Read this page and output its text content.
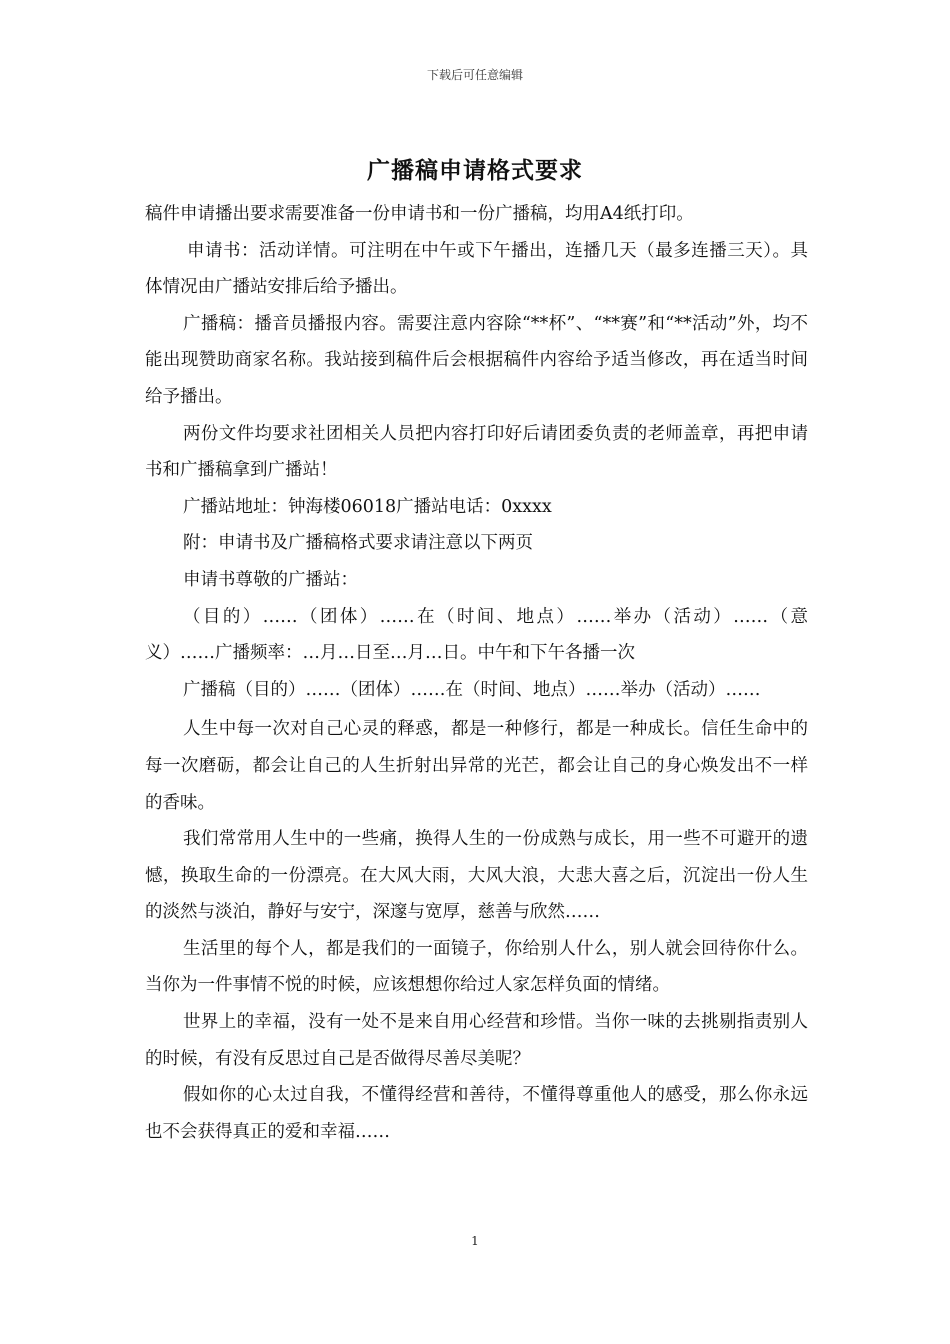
下载后可任意编辑
广播稿申请格式要求

稿件申请播出要求需要准备一份申请书和一份广播稿，均用A4纸打印。

申请书：活动详情。可注明在中午或下午播出，连播几天（最多连播三天）。具体情况由广播站安排后给予播出。

广播稿：播音员播报内容。需要注意内容除“**杯”、“**赛”和“**活动”外，均不能出现赞助商家名称。我站接到稿件后会根据稿件内容给予适当修改，再在适当时间给予播出。

两份文件均要求社团相关人员把内容打印好后请团委负责的老师盖章，再把申请书和广播稿拿到广播站！

广播站地址：钟海楼06018广播站电话：0xxxx

附：申请书及广播稿格式要求请注意以下两页

申请书尊敬的广播站：

（目的）……（团体）……在（时间、地点）……举办（活动）……（意义）……广播频率：…月…日至…月…日。中午和下午各播一次

广播稿（目的）……（团体）……在（时间、地点）……举办（活动）……

人生中每一次对自己心灵的释惑，都是一种修行，都是一种成长。信任生命中的每一次磨砺，都会让自己的人生折射出异常的光芒，都会让自己的身心焕发出不一样的香味。

我们常常用人生中的一些痛，换得人生的一份成熟与成长，用一些不可避开的遗憾，换取生命的一份漂亮。在大风大雨，大风大浪，大悲大喜之后，沉淀出一份人生的淡然与淡泊，静好与安宁，深邃与宽厚，慈善与欣然……

生活里的每个人，都是我们的一面镜子，你给别人什么，别人就会回待你什么。当你为一件事情不悦的时候，应该想想你给过人家怎样负面的情绪。

世界上的幸福，没有一处不是来自用心经营和珍惜。当你一味的去挑剔指责别人的时候，有没有反思过自己是否做得尽善尽美呢？

假如你的心太过自我，不懂得经营和善待，不懂得尊重他人的感受，那么你永远也不会获得真正的爱和幸福……

1
